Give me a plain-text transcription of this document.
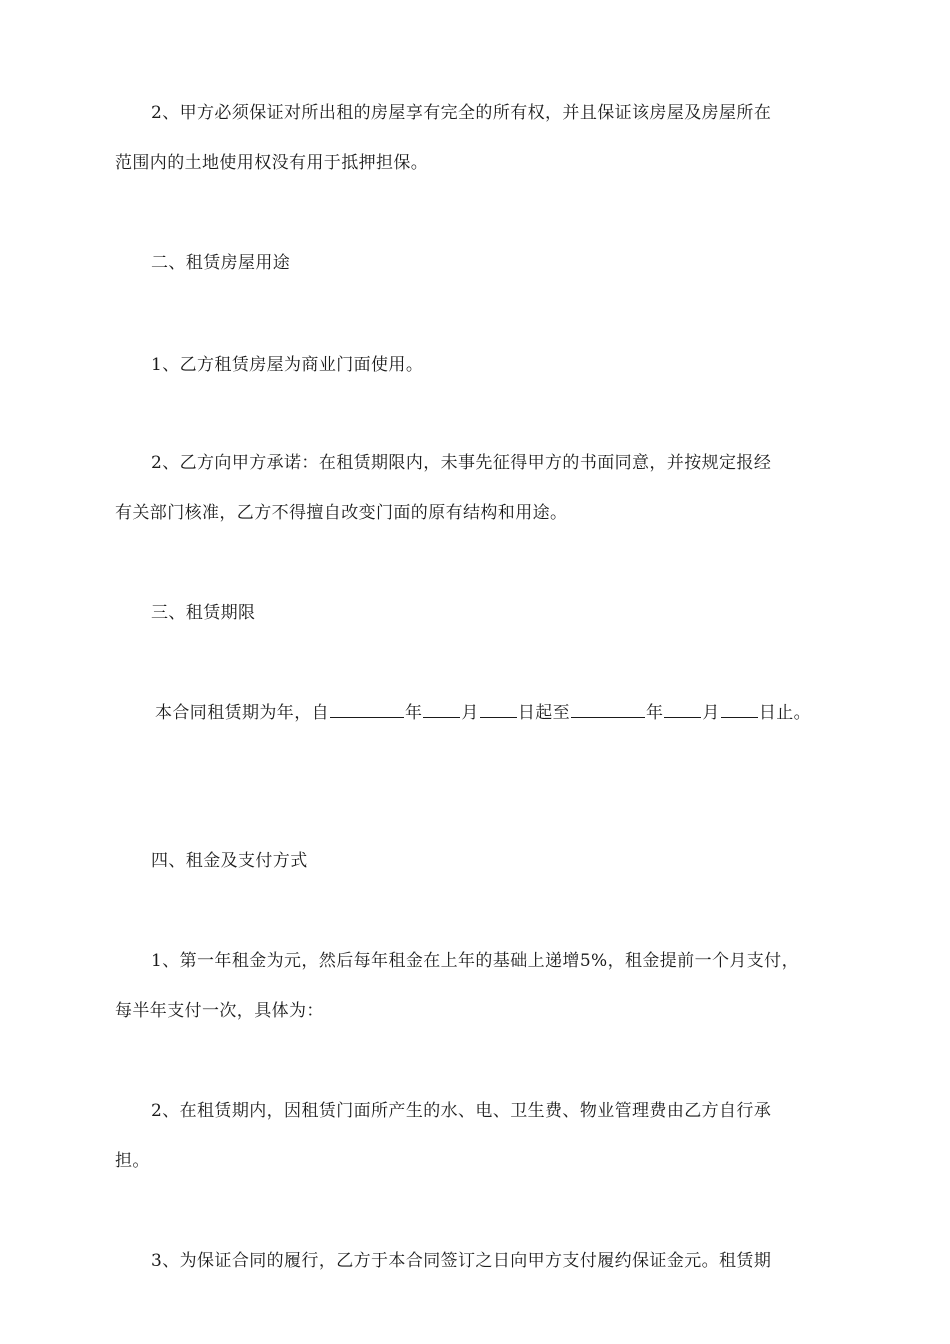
2、甲方必须保证对所出租的房屋享有完全的所有权，并且保证该房屋及房屋所在
范围内的土地使用权没有用于抵押担保。
二、租赁房屋用途
1、乙方租赁房屋为商业门面使用。
2、乙方向甲方承诺：在租赁期限内，未事先征得甲方的书面同意，并按规定报经
有关部门核准，乙方不得擅自改变门面的原有结构和用途。
三、租赁期限
本合同租赁期为年，自	年 月 日起至	年 月 日止。
四、租金及支付方式
1、第一年租金为元，然后每年租金在上年的基础上递增5%，租金提前一个月支付，
每半年支付一次，具体为：
2、在租赁期内，因租赁门面所产生的水、电、卫生费、物业管理费由乙方自行承
担。
3、为保证合同的履行，乙方于本合同签订之日向甲方支付履约保证金元。租赁期
